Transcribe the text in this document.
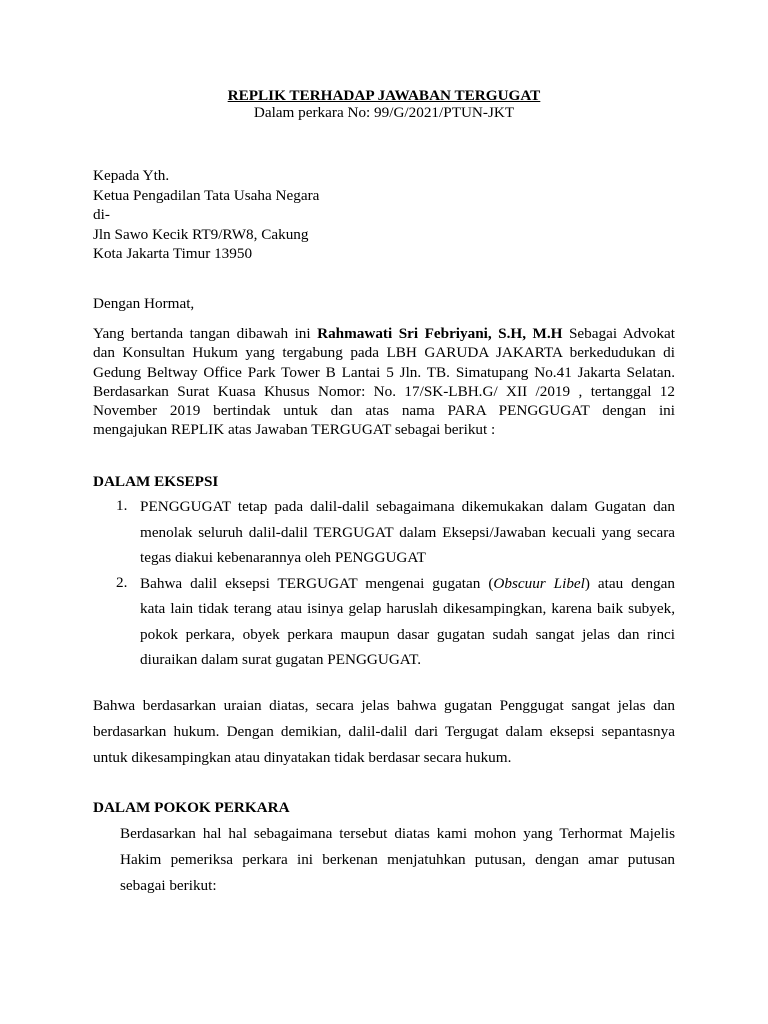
REPLIK TERHADAP JAWABAN TERGUGAT
Dalam perkara No: 99/G/2021/PTUN-JKT
Kepada Yth.
Ketua Pengadilan Tata Usaha Negara
di-
Jln Sawo Kecik RT9/RW8, Cakung
Kota Jakarta Timur 13950
Dengan Hormat,
Yang bertanda tangan dibawah ini Rahmawati Sri Febriyani, S.H, M.H Sebagai Advokat
dan Konsultan Hukum yang tergabung pada LBH GARUDA JAKARTA berkedudukan di
Gedung Beltway Office Park Tower B Lantai 5 Jln. TB. Simatupang No.41 Jakarta Selatan.
Berdasarkan Surat Kuasa Khusus Nomor: No. 17/SK-LBH.G/ XII /2019 , tertanggal 12
November 2019 bertindak untuk dan atas nama PARA PENGGUGAT dengan ini
mengajukan REPLIK atas Jawaban TERGUGAT sebagai berikut :
DALAM EKSEPSI
1. PENGGUGAT tetap pada dalil-dalil sebagaimana dikemukakan dalam Gugatan dan
menolak seluruh dalil-dalil TERGUGAT dalam Eksepsi/Jawaban kecuali yang secara
tegas diakui kebenarannya oleh PENGGUGAT
2. Bahwa dalil eksepsi TERGUGAT mengenai gugatan (Obscuur Libel) atau dengan
kata lain tidak terang atau isinya gelap haruslah dikesampingkan, karena baik subyek,
pokok perkara, obyek perkara maupun dasar gugatan sudah sangat jelas dan rinci
diuraikan dalam surat gugatan PENGGUGAT.
Bahwa berdasarkan uraian diatas, secara jelas bahwa gugatan Penggugat sangat jelas dan
berdasarkan hukum. Dengan demikian, dalil-dalil dari Tergugat dalam eksepsi sepantasnya
untuk dikesampingkan atau dinyatakan tidak berdasar secara hukum.
DALAM POKOK PERKARA
Berdasarkan hal hal sebagaimana tersebut diatas kami mohon yang Terhormat Majelis
Hakim pemeriksa perkara ini berkenan menjatuhkan putusan, dengan amar putusan
sebagai berikut:
